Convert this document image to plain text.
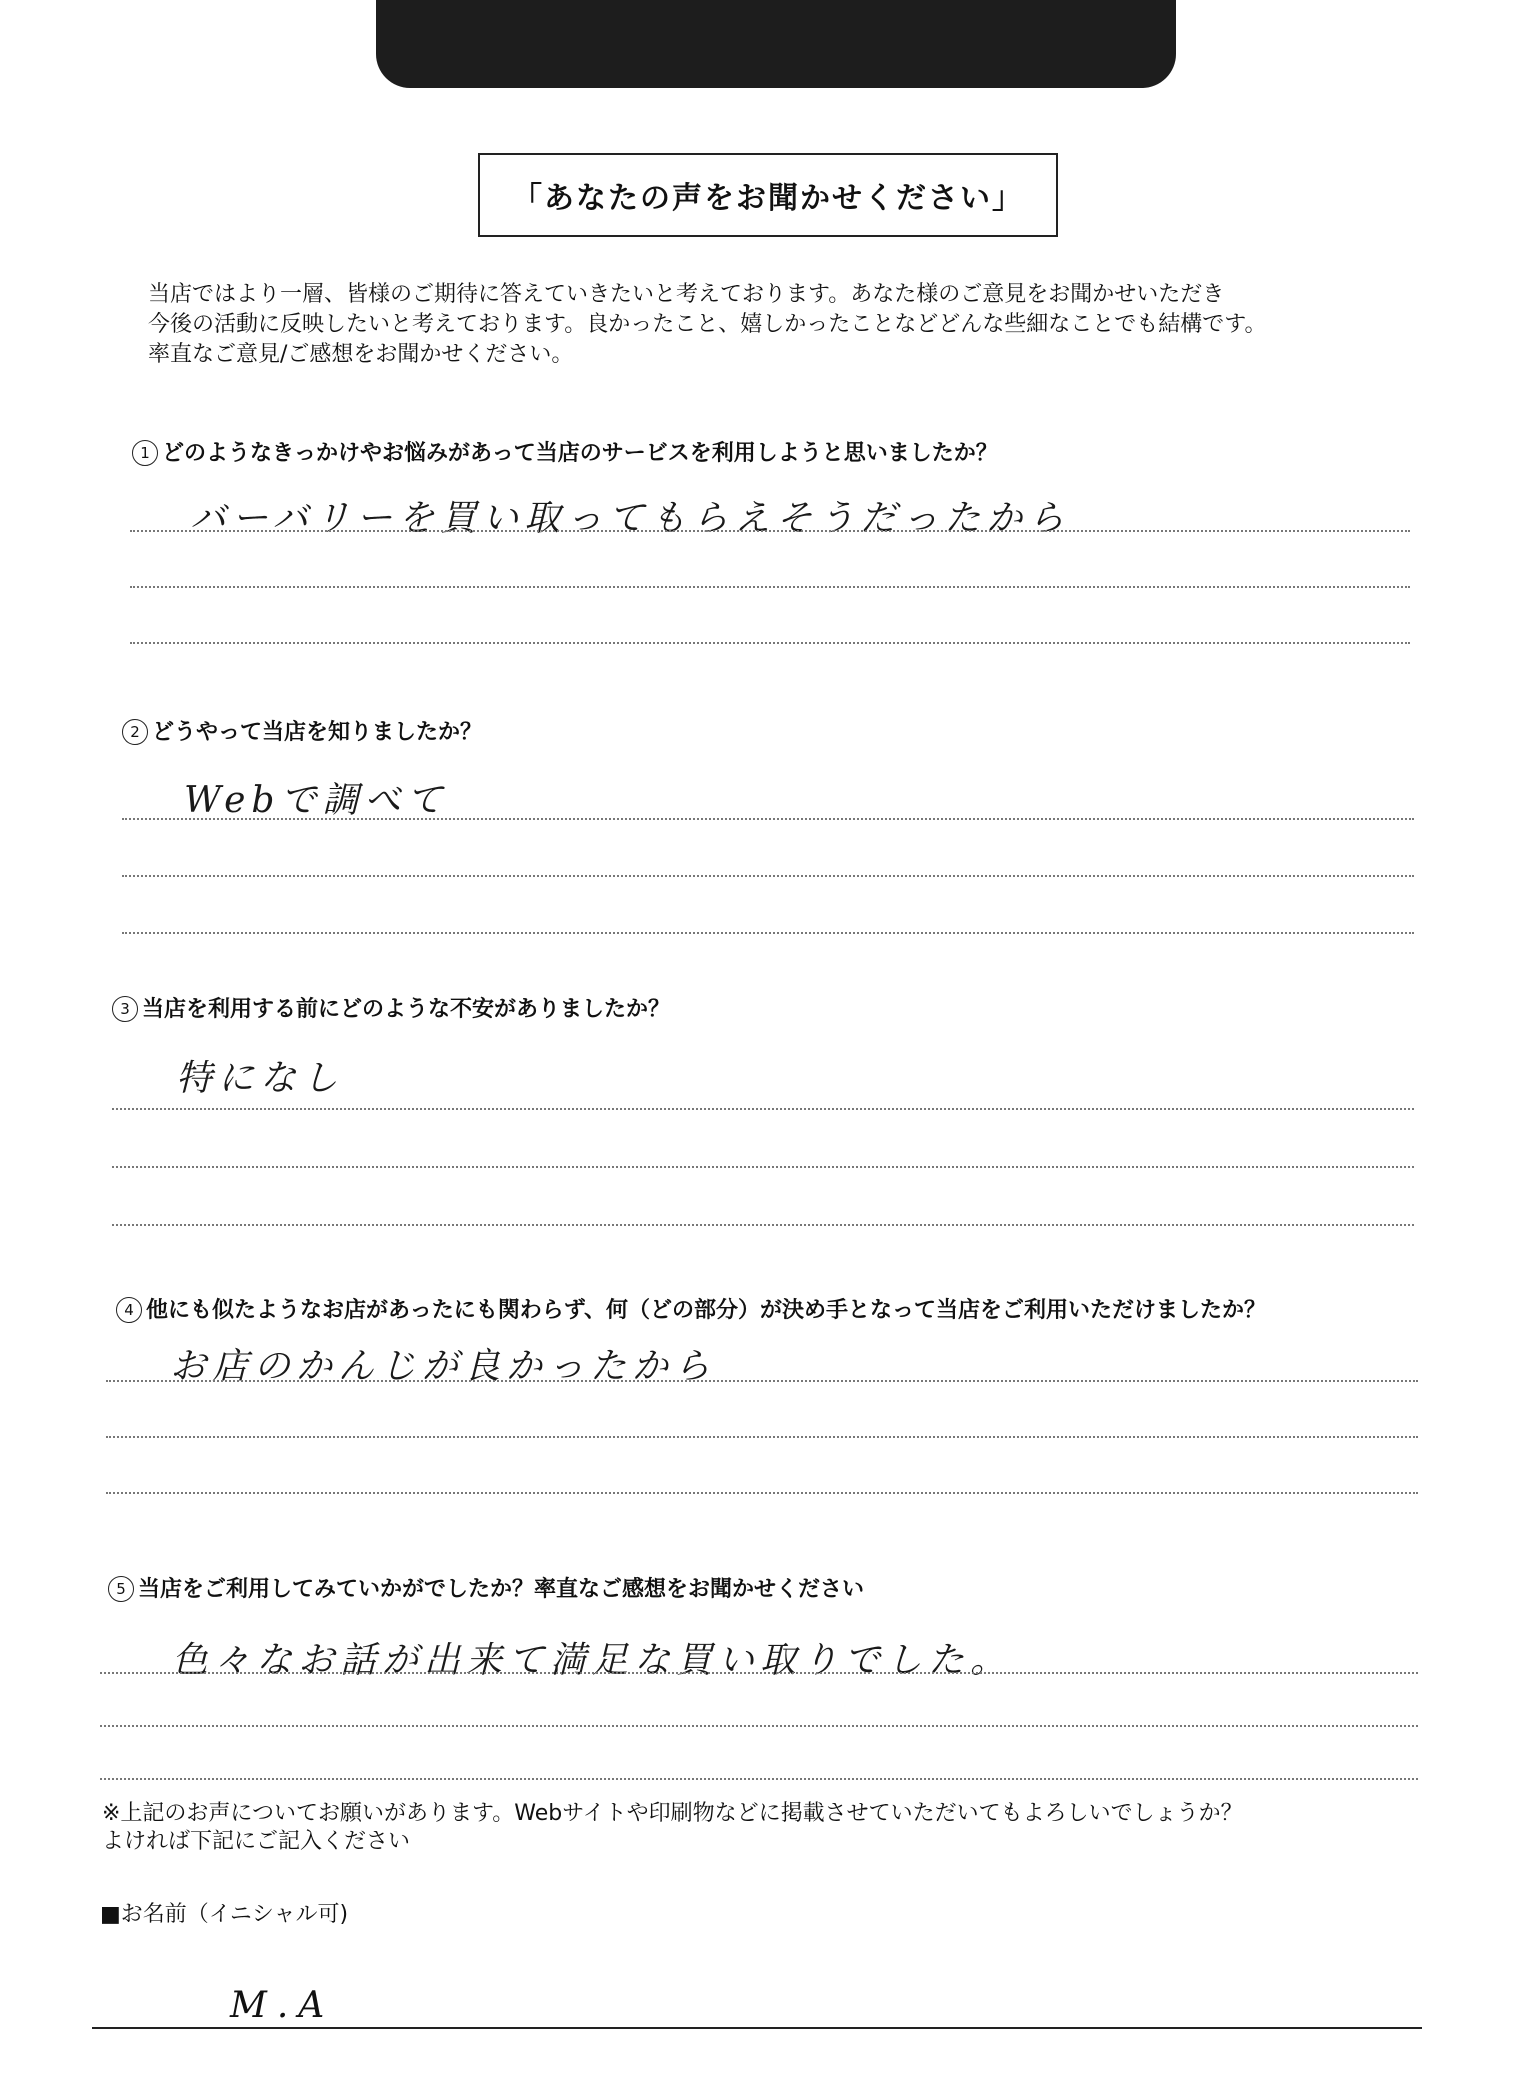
「あなたの声をお聞かせください」
当店ではより一層、皆様のご期待に答えていきたいと考えております。あなた様のご意見をお聞かせいただき
今後の活動に反映したいと考えております。良かったこと、嬉しかったことなどどんな些細なことでも結構です。
率直なご意見/ご感想をお聞かせください。
1 どのようなきっかけやお悩みがあって当店のサービスを利用しようと思いましたか？
バーバリーを買い取ってもらえそうだったから
2 どうやって当店を知りましたか？
Webで調べて
3 当店を利用する前にどのような不安がありましたか？
特になし
4 他にも似たようなお店があったにも関わらず、何（どの部分）が決め手となって当店をご利用いただけましたか？
お店のかんじが良かったから
5 当店をご利用してみていかがでしたか？率直なご感想をお聞かせください
色々なお話が出来て満足な買い取りでした。
※上記のお声についてお願いがあります。Webサイトや印刷物などに掲載させていただいてもよろしいでしょうか？
よければ下記にご記入ください
■お名前（イニシャル可)
M.A
